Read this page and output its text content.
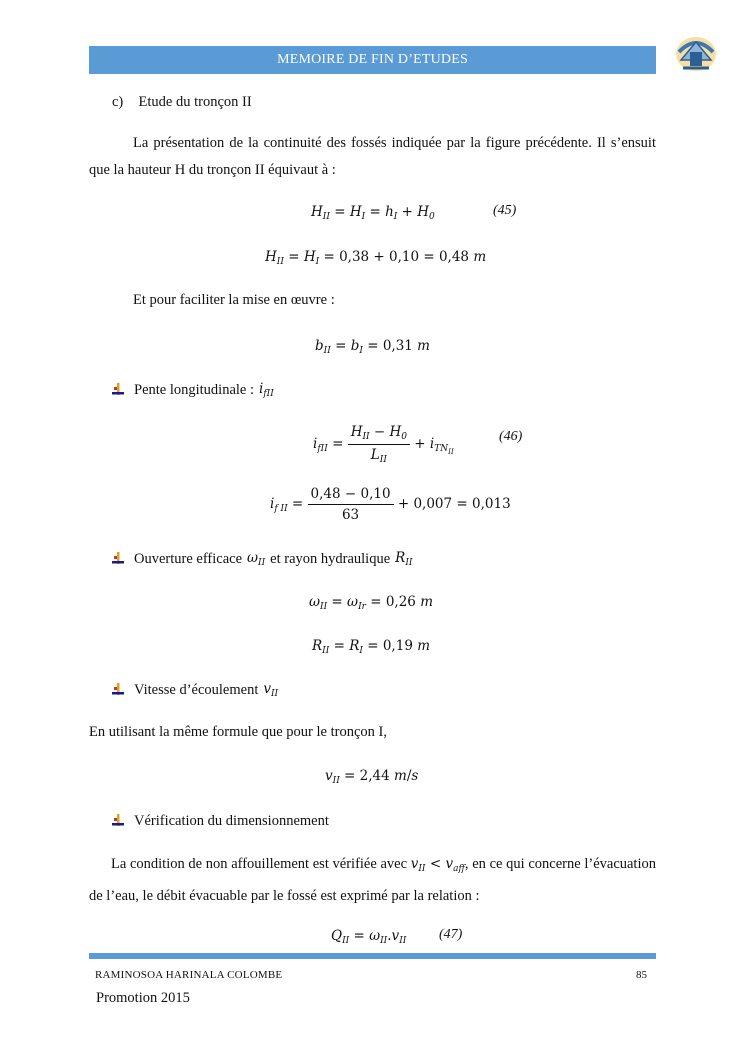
MEMOIRE DE FIN D’ETUDES
c) Etude du tronçon II
La présentation de la continuité des fossés indiquée par la figure précédente. Il s’ensuit que la hauteur H du tronçon II équivaut à :
$H_{II} = H_I = h_I + H_0$	(45)
$H_{II} = H_I = 0,38 + 0,10 = 0,48$ m
Et pour faciliter la mise en œuvre :
$b_{II} = b_I = 0,31$ m
Pente longitudinale : $i_{fII}$
$i_{fII} = \frac{H_{II} - H_0}{L_{II}} + i_{TN_{II}}$
(46)
$i_{f II} = \frac{0,48 - 0,10}{63} + 0,007 = 0,013$
Ouverture efficace $\omega_{II}$ et rayon hydraulique $R_{II}$
$\omega_{II} = \omega_{Ir} = 0,26$ m
$R_{II} = R_I = 0,19$ m
Vitesse d’écoulement $v_{II}$
En utilisant la même formule que pour le tronçon I,
$v_{II} = 2,44$ m/s
Vérification du dimensionnement
La condition de non affouillement est vérifiée avec $v_{II} < v_{aff}$, en ce qui concerne l’évacuation de l’eau, le débit évacuable par le fossé est exprimé par la relation :
$Q_{II} = \omega_{II}.v_{II}$ (47)
RAMINOSOA HARINALA COLOMBE	85
Promotion 2015
